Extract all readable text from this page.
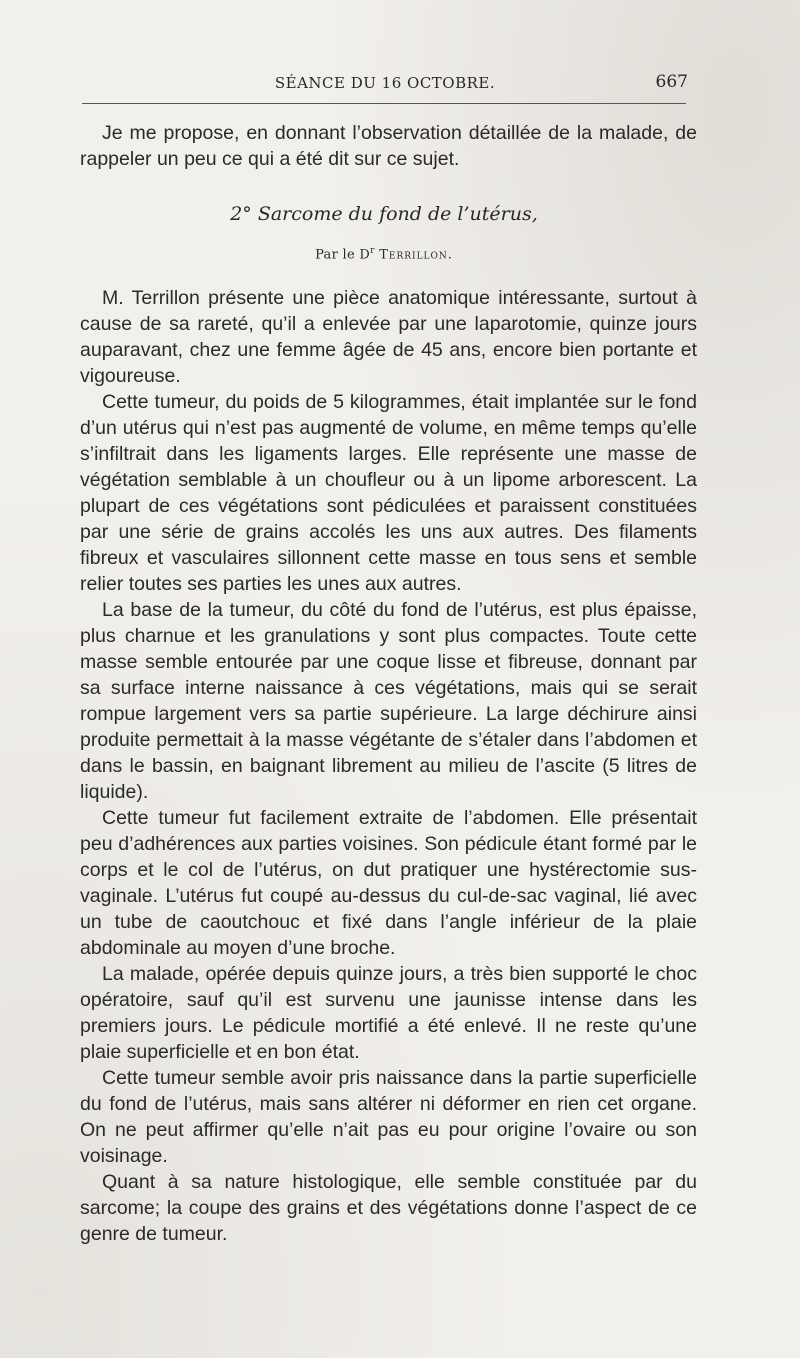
SÉANCE DU 16 OCTOBRE.	667

Je me propose, en donnant l’observation détaillée de la malade, de rappeler un peu ce qui a été dit sur ce sujet.

2° Sarcome du fond de l’utérus,
Par le $D^r$ Terrillon.

M. Terrillon présente une pièce anatomique intéressante, surtout à cause de sa rareté, qu’il a enlevée par une laparotomie, quinze jours auparavant, chez une femme âgée de 45 ans, encore bien portante et vigoureuse.

Cette tumeur, du poids de 5 kilogrammes, était implantée sur le fond d’un utérus qui n’est pas augmenté de volume, en même temps qu’elle s’infiltrait dans les ligaments larges. Elle représente une masse de végétation semblable à un choufleur ou à un lipome arborescent. La plupart de ces végétations sont pédiculées et paraissent constituées par une série de grains accolés les uns aux autres. Des filaments fibreux et vasculaires sillonnent cette masse en tous sens et semble relier toutes ses parties les unes aux autres.

La base de la tumeur, du côté du fond de l’utérus, est plus épaisse, plus charnue et les granulations y sont plus compactes. Toute cette masse semble entourée par une coque lisse et fibreuse, donnant par sa surface interne naissance à ces végétations, mais qui se serait rompue largement vers sa partie supérieure. La large déchirure ainsi produite permettait à la masse végétante de s’étaler dans l’abdomen et dans le bassin, en baignant librement au milieu de l’ascite (5 litres de liquide).

Cette tumeur fut facilement extraite de l’abdomen. Elle présentait peu d’adhérences aux parties voisines. Son pédicule étant formé par le corps et le col de l’utérus, on dut pratiquer une hystérectomie sus-vaginale. L’utérus fut coupé au-dessus du cul-de-sac vaginal, lié avec un tube de caoutchouc et fixé dans l’angle inférieur de la plaie abdominale au moyen d’une broche.

La malade, opérée depuis quinze jours, a très bien supporté le choc opératoire, sauf qu’il est survenu une jaunisse intense dans les premiers jours. Le pédicule mortifié a été enlevé. Il ne reste qu’une plaie superficielle et en bon état.

Cette tumeur semble avoir pris naissance dans la partie superficielle du fond de l’utérus, mais sans altérer ni déformer en rien cet organe. On ne peut affirmer qu’elle n’ait pas eu pour origine l’ovaire ou son voisinage.

Quant à sa nature histologique, elle semble constituée par du sarcome; la coupe des grains et des végétations donne l’aspect de ce genre de tumeur.
